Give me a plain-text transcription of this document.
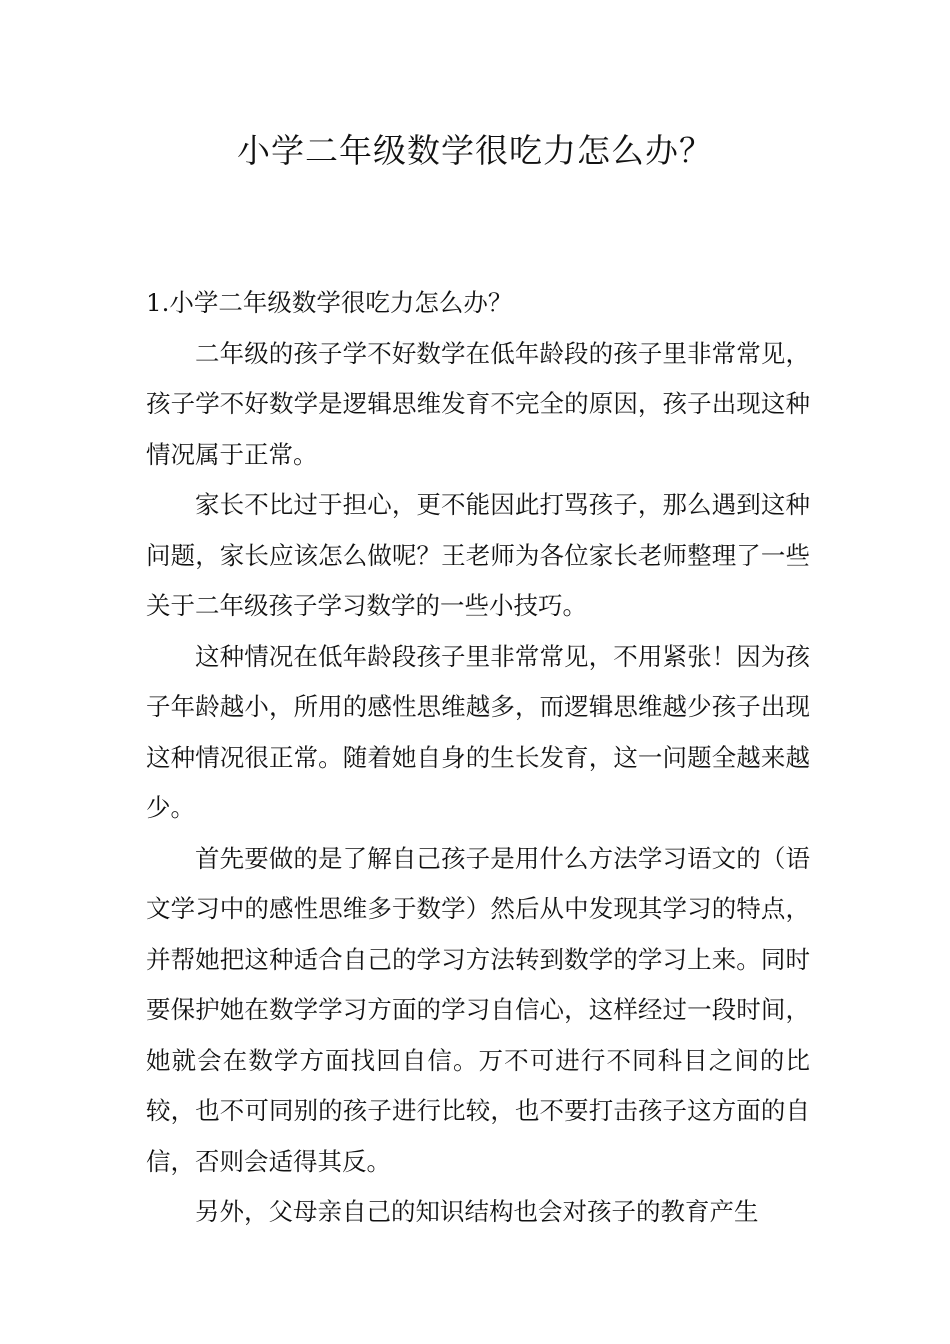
小学二年级数学很吃力怎么办？
1.小学二年级数学很吃力怎么办？

二年级的孩子学不好数学在低年龄段的孩子里非常常见，孩子学不好数学是逻辑思维发育不完全的原因，孩子出现这种情况属于正常。

家长不比过于担心，更不能因此打骂孩子，那么遇到这种问题，家长应该怎么做呢？王老师为各位家长老师整理了一些关于二年级孩子学习数学的一些小技巧。

这种情况在低年龄段孩子里非常常见，不用紧张！因为孩子年龄越小，所用的感性思维越多，而逻辑思维越少孩子出现这种情况很正常。随着她自身的生长发育，这一问题全越来越少。

首先要做的是了解自己孩子是用什么方法学习语文的（语文学习中的感性思维多于数学）然后从中发现其学习的特点，并帮她把这种适合自己的学习方法转到数学的学习上来。同时要保护她在数学学习方面的学习自信心，这样经过一段时间，她就会在数学方面找回自信。万不可进行不同科目之间的比较，也不可同别的孩子进行比较，也不要打击孩子这方面的自信，否则会适得其反。

另外，父母亲自己的知识结构也会对孩子的教育产生
